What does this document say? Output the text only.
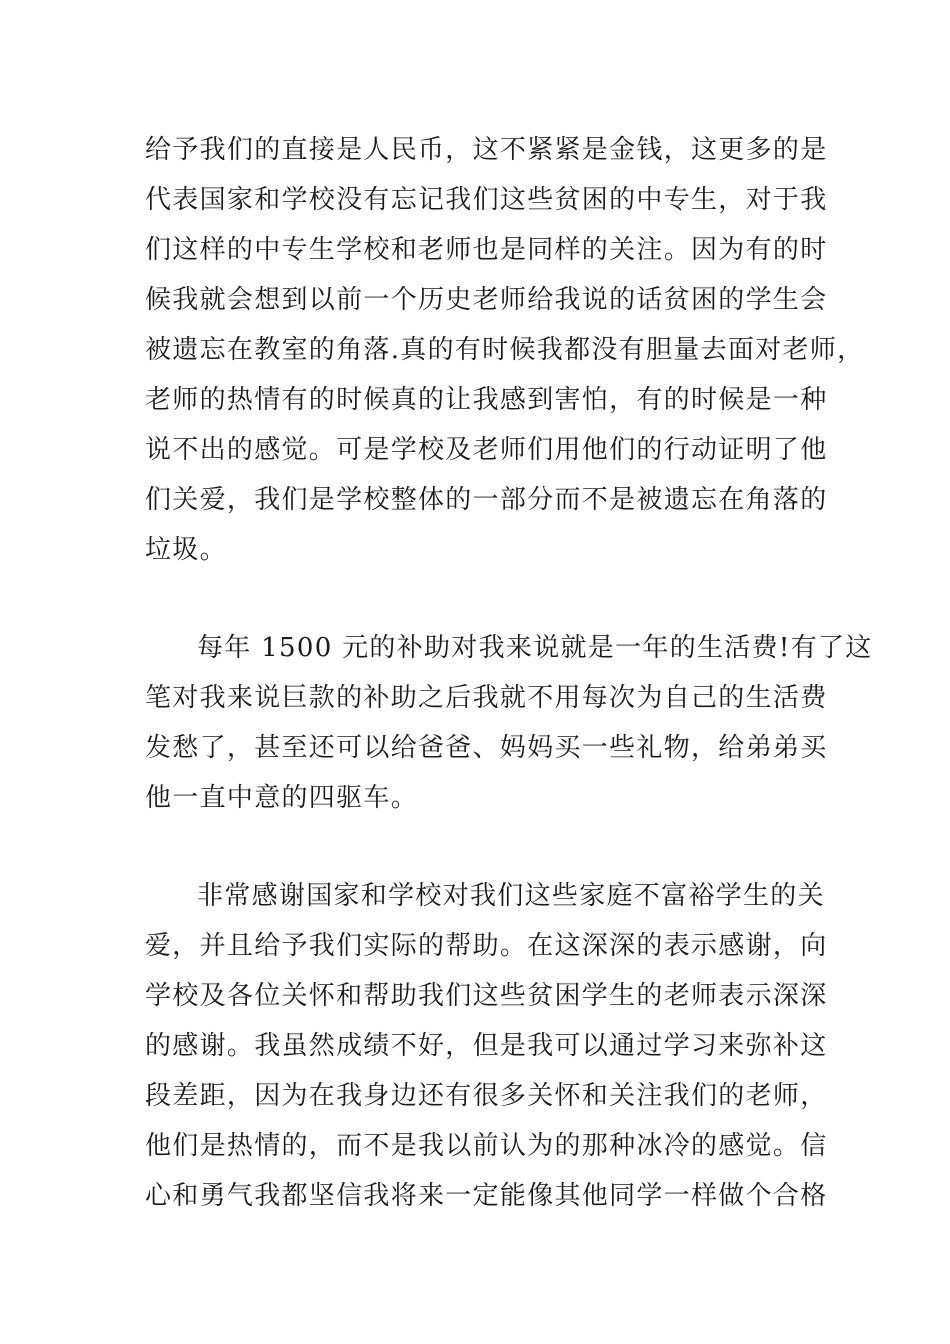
给予我们的直接是人民币，这不紧紧是金钱，这更多的是
代表国家和学校没有忘记我们这些贫困的中专生，对于我
们这样的中专生学校和老师也是同样的关注。因为有的时
候我就会想到以前一个历史老师给我说的话贫困的学生会
被遗忘在教室的角落.真的有时候我都没有胆量去面对老师，
老师的热情有的时候真的让我感到害怕，有的时候是一种
说不出的感觉。可是学校及老师们用他们的行动证明了他
们关爱，我们是学校整体的一部分而不是被遗忘在角落的
垃圾。
每年 1500 元的补助对我来说就是一年的生活费!有了这
笔对我来说巨款的补助之后我就不用每次为自己的生活费
发愁了，甚至还可以给爸爸、妈妈买一些礼物，给弟弟买
他一直中意的四驱车。
非常感谢国家和学校对我们这些家庭不富裕学生的关
爱，并且给予我们实际的帮助。在这深深的表示感谢，向
学校及各位关怀和帮助我们这些贫困学生的老师表示深深
的感谢。我虽然成绩不好，但是我可以通过学习来弥补这
段差距，因为在我身边还有很多关怀和关注我们的老师，
他们是热情的，而不是我以前认为的那种冰冷的感觉。信
心和勇气我都坚信我将来一定能像其他同学一样做个合格
